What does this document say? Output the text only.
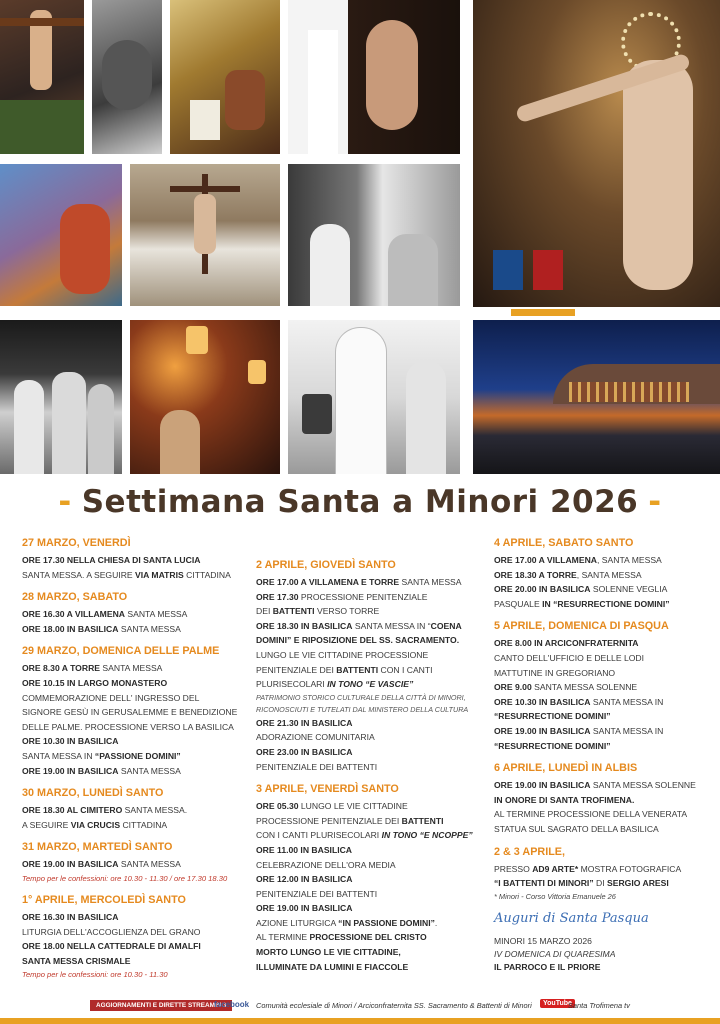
- Settimana Santa a Minori 2026 -
27 MARZO, VENERDÌ
ORE 17.30 NELLA CHIESA DI SANTA LUCIA
SANTA MESSA. A SEGUIRE VIA MATRIS CITTADINA
28 MARZO, SABATO
ORE 16.30 A VILLAMENA SANTA MESSA
ORE 18.00 IN BASILICA SANTA MESSA
29 MARZO, DOMENICA DELLE PALME
ORE 8.30 A TORRE SANTA MESSA
ORE 10.15 IN LARGO MONASTERO
COMMEMORAZIONE DELL' INGRESSO DEL
SIGNORE GESÙ IN GERUSALEMME E BENEDIZIONE
DELLE PALME. PROCESSIONE VERSO LA BASILICA
ORE 10.30 IN BASILICA
SANTA MESSA IN “PASSIONE DOMINI”
ORE 19.00 IN BASILICA SANTA MESSA
30 MARZO, LUNEDÌ SANTO
ORE 18.30 AL CIMITERO SANTA MESSA.
A SEGUIRE VIA CRUCIS CITTADINA
31 MARZO, MARTEDÌ SANTO
ORE 19.00 IN BASILICA SANTA MESSA
Tempo per le confessioni: ore 10.30 - 11.30 / ore 17.30 18.30
1° APRILE, MERCOLEDÌ SANTO
ORE 16.30 IN BASILICA
LITURGIA DELL'ACCOGLIENZA DEL GRANO
ORE 18.00 NELLA CATTEDRALE DI AMALFI
SANTA MESSA CRISMALE
Tempo per le confessioni: ore 10.30 - 11.30
2 APRILE, GIOVEDÌ SANTO
ORE 17.00 A VILLAMENA E TORRE SANTA MESSA
ORE 17.30 PROCESSIONE PENITENZIALE
DEI BATTENTI VERSO TORRE
ORE 18.30 IN BASILICA SANTA MESSA IN “COENA
DOMINI” E RIPOSIZIONE DEL SS. SACRAMENTO.
LUNGO LE VIE CITTADINE PROCESSIONE
PENITENZIALE DEI BATTENTI CON I CANTI
PLURISECOLARI IN TONO “E VASCIE”
PATRIMONIO STORICO CULTURALE DELLA CITTÀ DI MINORI,
RICONOSCIUTI E TUTELATI DAL MINISTERO DELLA CULTURA
ORE 21.30 IN BASILICA
ADORAZIONE COMUNITARIA
ORE 23.00 IN BASILICA
PENITENZIALE DEI BATTENTI
3 APRILE, VENERDÌ SANTO
ORE 05.30 LUNGO LE VIE CITTADINE
PROCESSIONE PENITENZIALE DEI BATTENTI
CON I CANTI PLURISECOLARI IN TONO “E NCOPPE”
ORE 11.00 IN BASILICA
CELEBRAZIONE DELL'ORA MEDIA
ORE 12.00 IN BASILICA
PENITENZIALE DEI BATTENTI
ORE 19.00 IN BASILICA
AZIONE LITURGICA “IN PASSIONE DOMINI”.
AL TERMINE PROCESSIONE DEL CRISTO
MORTO LUNGO LE VIE CITTADINE,
ILLUMINATE DA LUMINI E FIACCOLE
4 APRILE, SABATO SANTO
ORE 17.00 A VILLAMENA, SANTA MESSA
ORE 18.30 A TORRE, SANTA MESSA
ORE 20.00 IN BASILICA SOLENNE VEGLIA
PASQUALE IN “RESURRECTIONE DOMINI”
5 APRILE, DOMENICA DI PASQUA
ORE 8.00 IN ARCICONFRATERNITA
CANTO DELL'UFFICIO E DELLE LODI
MATTUTINE IN GREGORIANO
ORE 9.00 SANTA MESSA SOLENNE
ORE 10.30 IN BASILICA SANTA MESSA IN
“RESURRECTIONE DOMINI”
ORE 19.00 IN BASILICA SANTA MESSA IN
“RESURRECTIONE DOMINI”
6 APRILE, LUNEDÌ IN ALBIS
ORE 19.00 IN BASILICA SANTA MESSA SOLENNE
IN ONORE DI SANTA TROFIMENA.
AL TERMINE PROCESSIONE DELLA VENERATA
STATUA SUL SAGRATO DELLA BASILICA
2 & 3 APRILE,
PRESSO AD9 ARTE* MOSTRA FOTOGRAFICA
“I BATTENTI DI MINORI” DI SERGIO ARESI
* Minori - Corso Vittoria Emanuele 26
Auguri di Santa Pasqua
MINORI 15 MARZO 2026
IV DOMENICA DI QUARESIMA
IL PARROCO E IL PRIORE
AGGIORNAMENTI E DIRETTE STREAMING
facebook Comunità ecclesiale di Minori / Arciconfraternita SS. Sacramento & Battenti di Minori	YouTube
Santa Trofimena tv
